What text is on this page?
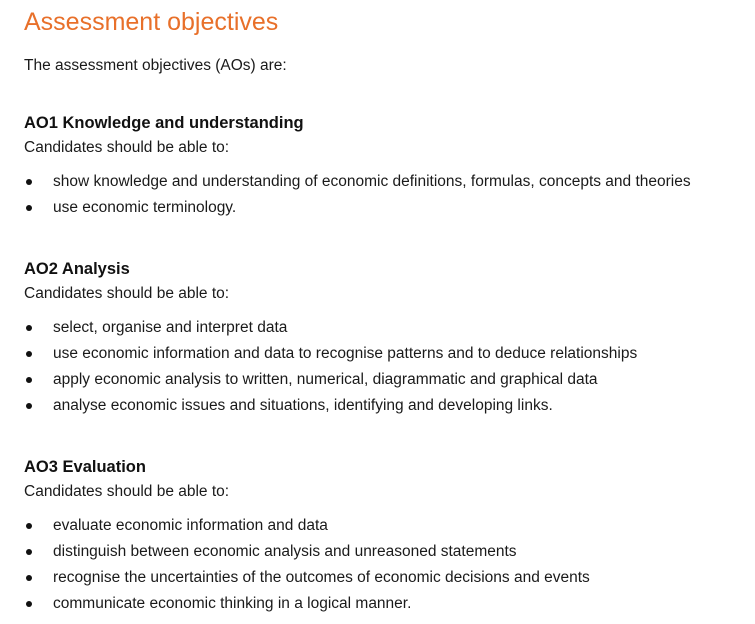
Assessment objectives

The assessment objectives (AOs) are:

AO1 Knowledge and understanding

Candidates should be able to:

show knowledge and understanding of economic definitions, formulas, concepts and theories
use economic terminology.
AO2 Analysis

Candidates should be able to:

select, organise and interpret data
use economic information and data to recognise patterns and to deduce relationships
apply economic analysis to written, numerical, diagrammatic and graphical data
analyse economic issues and situations, identifying and developing links.
AO3 Evaluation

Candidates should be able to:

evaluate economic information and data
distinguish between economic analysis and unreasoned statements
recognise the uncertainties of the outcomes of economic decisions and events
communicate economic thinking in a logical manner.
